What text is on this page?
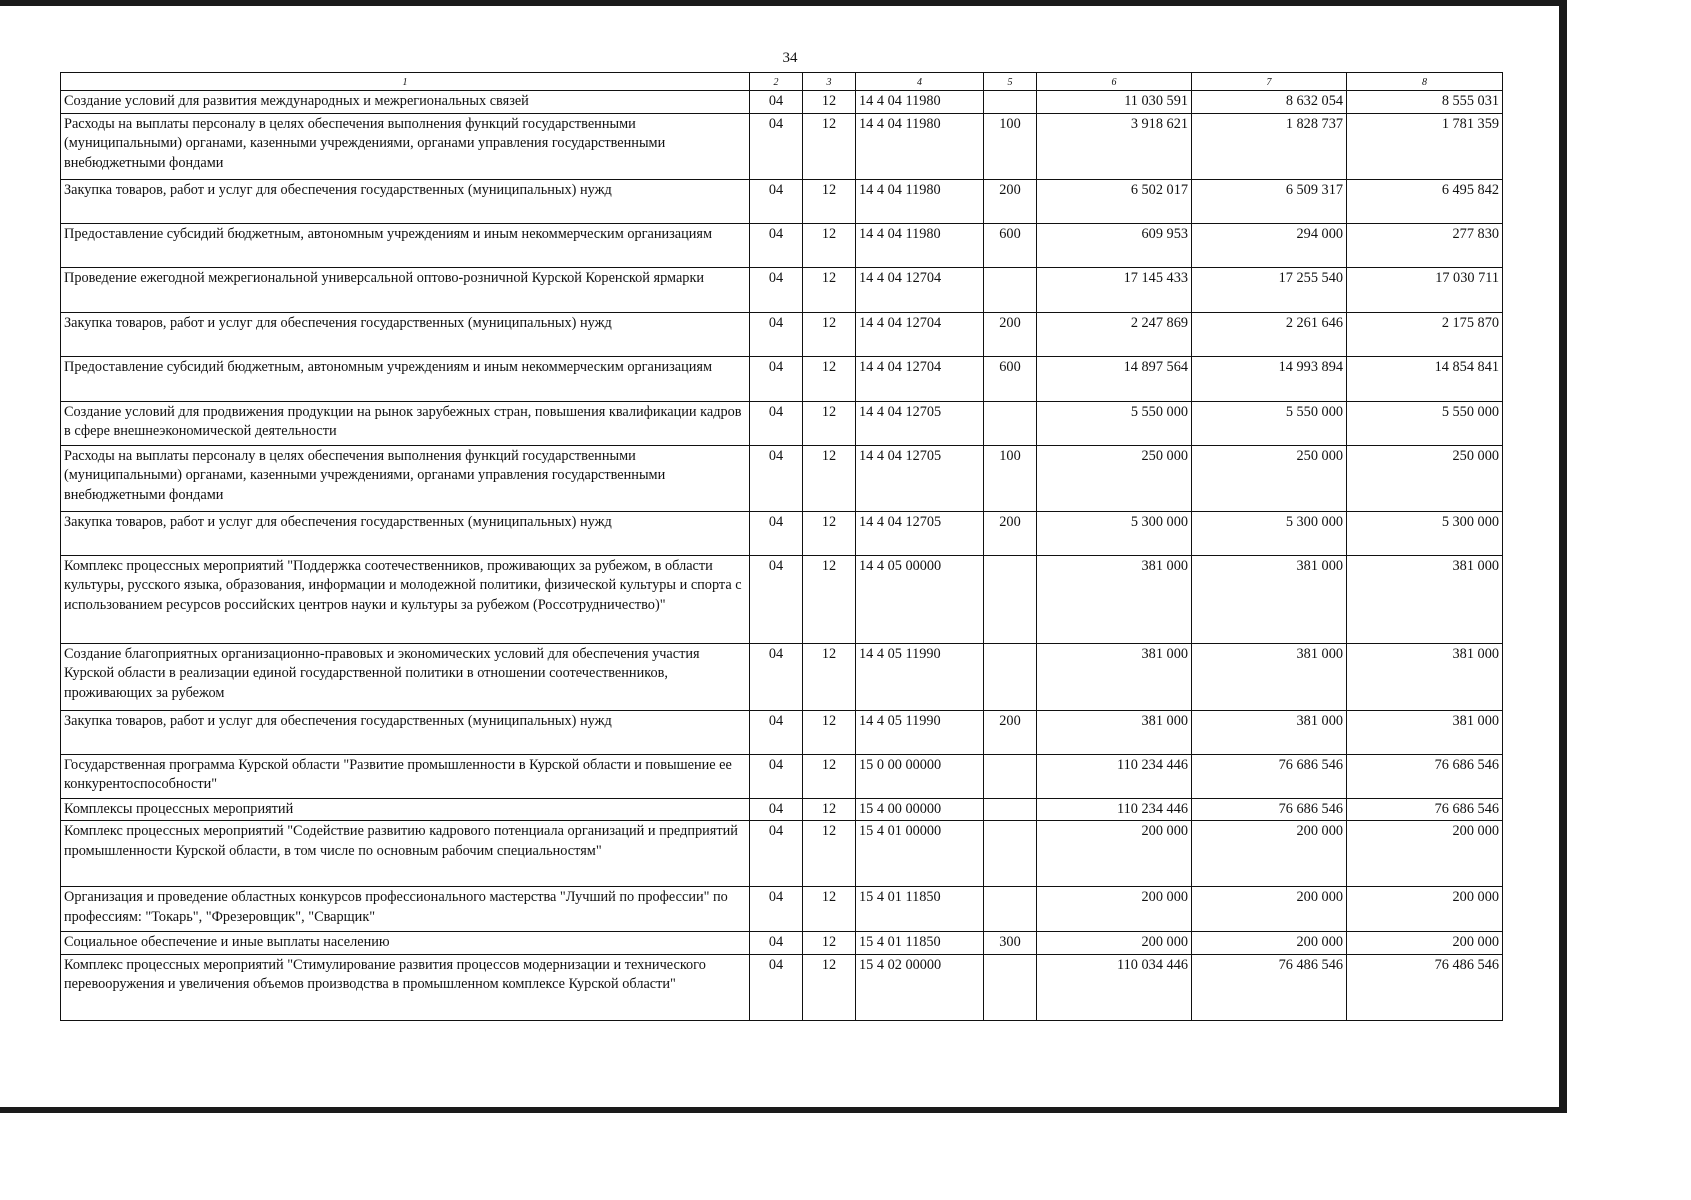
34
1	2	3	4	5	6	7	8
Создание условий для развития международных и межрегиональных связей	04	12	14 4 04 11980		11 030 591	8 632 054	8 555 031
Расходы на выплаты персоналу в целях обеспечения выполнения функций государственными (муниципальными) органами, казенными учреждениями, органами управления государственными внебюджетными фондами	04	12	14 4 04 11980	100	3 918 621	1 828 737	1 781 359
Закупка товаров, работ и услуг для обеспечения государственных (муниципальных) нужд	04	12	14 4 04 11980	200	6 502 017	6 509 317	6 495 842
Предоставление субсидий бюджетным, автономным учреждениям и иным некоммерческим организациям	04	12	14 4 04 11980	600	609 953	294 000	277 830
Проведение ежегодной межрегиональной универсальной оптово-розничной Курской Коренской ярмарки	04	12	14 4 04 12704		17 145 433	17 255 540	17 030 711
Закупка товаров, работ и услуг для обеспечения государственных (муниципальных) нужд	04	12	14 4 04 12704	200	2 247 869	2 261 646	2 175 870
Предоставление субсидий бюджетным, автономным учреждениям и иным некоммерческим организациям	04	12	14 4 04 12704	600	14 897 564	14 993 894	14 854 841
Создание условий для продвижения продукции на рынок зарубежных стран, повышения квалификации кадров в сфере внешнеэкономической деятельности	04	12	14 4 04 12705		5 550 000	5 550 000	5 550 000
Расходы на выплаты персоналу в целях обеспечения выполнения функций государственными (муниципальными) органами, казенными учреждениями, органами управления государственными внебюджетными фондами	04	12	14 4 04 12705	100	250 000	250 000	250 000
Закупка товаров, работ и услуг для обеспечения государственных (муниципальных) нужд	04	12	14 4 04 12705	200	5 300 000	5 300 000	5 300 000
Комплекс процессных мероприятий "Поддержка соотечественников, проживающих за рубежом, в области культуры, русского языка, образования, информации и молодежной политики, физической культуры и спорта с использованием ресурсов российских центров науки и культуры за рубежом (Россотрудничество)"	04	12	14 4 05 00000		381 000	381 000	381 000
Создание благоприятных организационно-правовых и экономических условий для обеспечения участия Курской области в реализации единой государственной политики в отношении соотечественников, проживающих за рубежом	04	12	14 4 05 11990		381 000	381 000	381 000
Закупка товаров, работ и услуг для обеспечения государственных (муниципальных) нужд	04	12	14 4 05 11990	200	381 000	381 000	381 000
Государственная программа Курской области "Развитие промышленности в Курской области и повышение ее конкурентоспособности"	04	12	15 0 00 00000		110 234 446	76 686 546	76 686 546
Комплексы процессных мероприятий	04	12	15 4 00 00000		110 234 446	76 686 546	76 686 546
Комплекс процессных мероприятий "Содействие развитию кадрового потенциала организаций и предприятий промышленности Курской области, в том числе по основным рабочим специальностям"	04	12	15 4 01 00000		200 000	200 000	200 000
Организация и проведение областных конкурсов профессионального мастерства "Лучший по профессии" по профессиям: "Токарь", "Фрезеровщик", "Сварщик"	04	12	15 4 01 11850		200 000	200 000	200 000
Социальное обеспечение и иные выплаты населению	04	12	15 4 01 11850	300	200 000	200 000	200 000
Комплекс процессных мероприятий "Стимулирование развития процессов модернизации и технического перевооружения и увеличения объемов производства в промышленном комплексе Курской области"	04	12	15 4 02 00000		110 034 446	76 486 546	76 486 546
